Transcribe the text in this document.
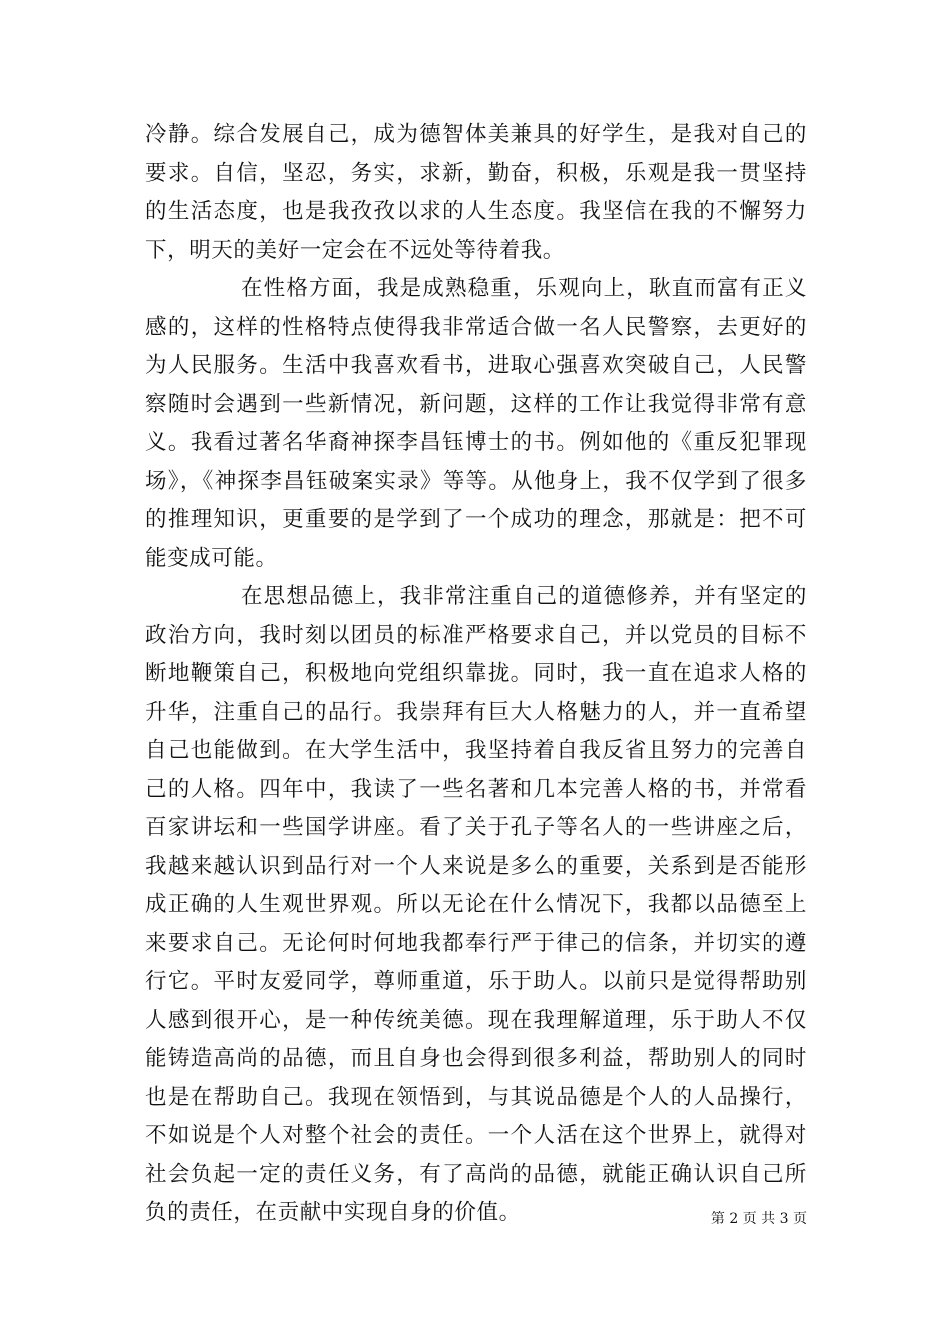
冷静。综合发展自己，成为德智体美兼具的好学生，是我对自己的要求。自信，坚忍，务实，求新，勤奋，积极，乐观是我一贯坚持的生活态度，也是我孜孜以求的人生态度。我坚信在我的不懈努力下，明天的美好一定会在不远处等待着我。

在性格方面，我是成熟稳重，乐观向上，耿直而富有正义感的，这样的性格特点使得我非常适合做一名人民警察，去更好的为人民服务。生活中我喜欢看书，进取心强喜欢突破自己，人民警察随时会遇到一些新情况，新问题，这样的工作让我觉得非常有意义。我看过著名华裔神探李昌钰博士的书。例如他的《重反犯罪现场》，《神探李昌钰破案实录》等等。从他身上，我不仅学到了很多的推理知识，更重要的是学到了一个成功的理念，那就是：把不可能变成可能。

在思想品德上，我非常注重自己的道德修养，并有坚定的政治方向，我时刻以团员的标准严格要求自己，并以党员的目标不断地鞭策自己，积极地向党组织靠拢。同时，我一直在追求人格的升华，注重自己的品行。我崇拜有巨大人格魅力的人，并一直希望自己也能做到。在大学生活中，我坚持着自我反省且努力的完善自己的人格。四年中，我读了一些名著和几本完善人格的书，并常看百家讲坛和一些国学讲座。看了关于孔子等名人的一些讲座之后，我越来越认识到品行对一个人来说是多么的重要，关系到是否能形成正确的人生观世界观。所以无论在什么情况下，我都以品德至上来要求自己。无论何时何地我都奉行严于律己的信条，并切实的遵行它。平时友爱同学，尊师重道，乐于助人。以前只是觉得帮助别人感到很开心，是一种传统美德。现在我理解道理，乐于助人不仅能铸造高尚的品德，而且自身也会得到很多利益，帮助别人的同时也是在帮助自己。我现在领悟到，与其说品德是个人的人品操行，不如说是个人对整个社会的责任。一个人活在这个世界上，就得对社会负起一定的责任义务，有了高尚的品德，就能正确认识自己所负的责任，在贡献中实现自身的价值。	第 2 页 共 3 页
